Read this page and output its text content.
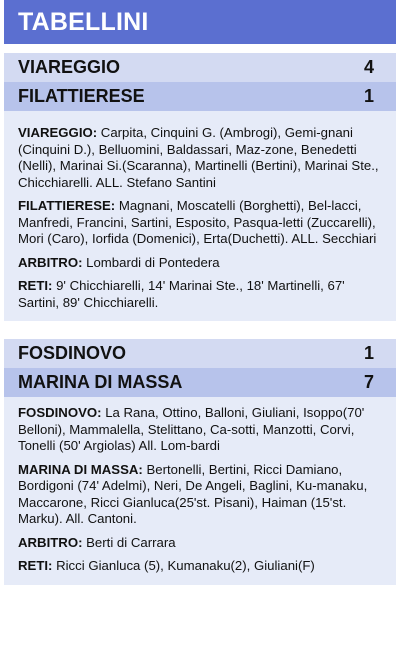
TABELLINI
VIAREGGIO	4
FILATTIERESE	1

VIAREGGIO: Carpita, Cinquini G. (Ambrogi), Gemi-gnani (Cinquini D.), Belluomini, Baldassari, Maz-zone, Benedetti (Nelli), Marinai Si.(Scaranna), Martinelli (Bertini), Marinai Ste., Chicchiarelli. ALL. Stefano Santini

FILATTIERESE: Magnani, Moscatelli (Borghetti), Bel-lacci, Manfredi, Francini, Sartini, Esposito, Pasqua-letti (Zuccarelli), Mori (Caro), Iorfida (Domenici), Erta(Duchetti). ALL. Secchiari

ARBITRO: Lombardi di Pontedera

RETI: 9' Chicchiarelli, 14' Marinai Ste., 18' Martinelli, 67' Sartini, 89' Chicchiarelli.

FOSDINOVO	1
MARINA DI MASSA	7

FOSDINOVO: La Rana, Ottino, Balloni, Giuliani, Isoppo(70' Belloni), Mammalella, Stelittano, Ca-sotti, Manzotti, Corvi, Tonelli (50' Argiolas) All. Lom-bardi

MARINA DI MASSA: Bertonelli, Bertini, Ricci Damiano, Bordigoni (74' Adelmi), Neri, De Angeli, Baglini, Ku-manaku, Maccarone, Ricci Gianluca(25'st. Pisani), Haiman (15'st. Marku). All. Cantoni.

ARBITRO: Berti di Carrara

RETI: Ricci Gianluca (5), Kumanaku(2), Giuliani(F)
